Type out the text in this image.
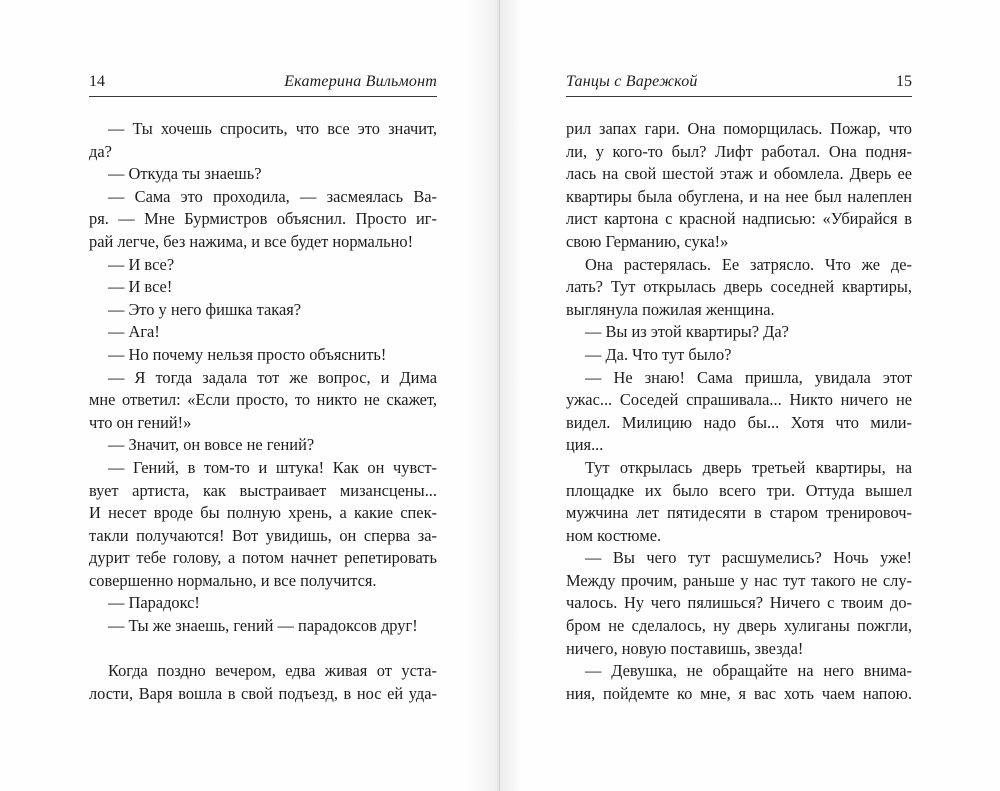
14	Екатерина Вильмонт
— Ты хочешь спросить, что все это значит,
да?
— Откуда ты знаешь?
— Сама это проходила, — засмеялась Ва-
ря. — Мне Бурмистров объяснил. Просто иг-
рай легче, без нажима, и все будет нормально!
— И все?
— И все!
— Это у него фишка такая?
— Ага!
— Но почему нельзя просто объяснить!
— Я тогда задала тот же вопрос, и Дима
мне ответил: «Если просто, то никто не скажет,
что он гений!»
— Значит, он вовсе не гений?
— Гений, в том-то и штука! Как он чувст-
вует артиста, как выстраивает мизансцены...
И несет вроде бы полную хрень, а какие спек-
такли получаются! Вот увидишь, он сперва за-
дурит тебе голову, а потом начнет репетировать
совершенно нормально, и все получится.
— Парадокс!
— Ты же знаешь, гений — парадоксов друг!
Когда поздно вечером, едва живая от уста-
лости, Варя вошла в свой подъезд, в нос ей уда-
Танцы с Варежкой	15
рил запах гари. Она поморщилась. Пожар, что
ли, у кого-то был? Лифт работал. Она подня-
лась на свой шестой этаж и обомлела. Дверь ее
квартиры была обуглена, и на нее был налеплен
лист картона с красной надписью: «Убирайся в
свою Германию, сука!»
Она растерялась. Ее затрясло. Что же де-
лать? Тут открылась дверь соседней квартиры,
выглянула пожилая женщина.
— Вы из этой квартиры? Да?
— Да. Что тут было?
— Не знаю! Сама пришла, увидала этот
ужас... Соседей спрашивала... Никто ничего не
видел. Милицию надо бы... Хотя что мили-
ция...
Тут открылась дверь третьей квартиры, на
площадке их было всего три. Оттуда вышел
мужчина лет пятидесяти в старом тренировоч-
ном костюме.
— Вы чего тут расшумелись? Ночь уже!
Между прочим, раньше у нас тут такого не слу-
чалось. Ну чего пялишься? Ничего с твоим до-
бром не сделалось, ну дверь хулиганы пожгли,
ничего, новую поставишь, звезда!
— Девушка, не обращайте на него внима-
ния, пойдемте ко мне, я вас хоть чаем напою.
